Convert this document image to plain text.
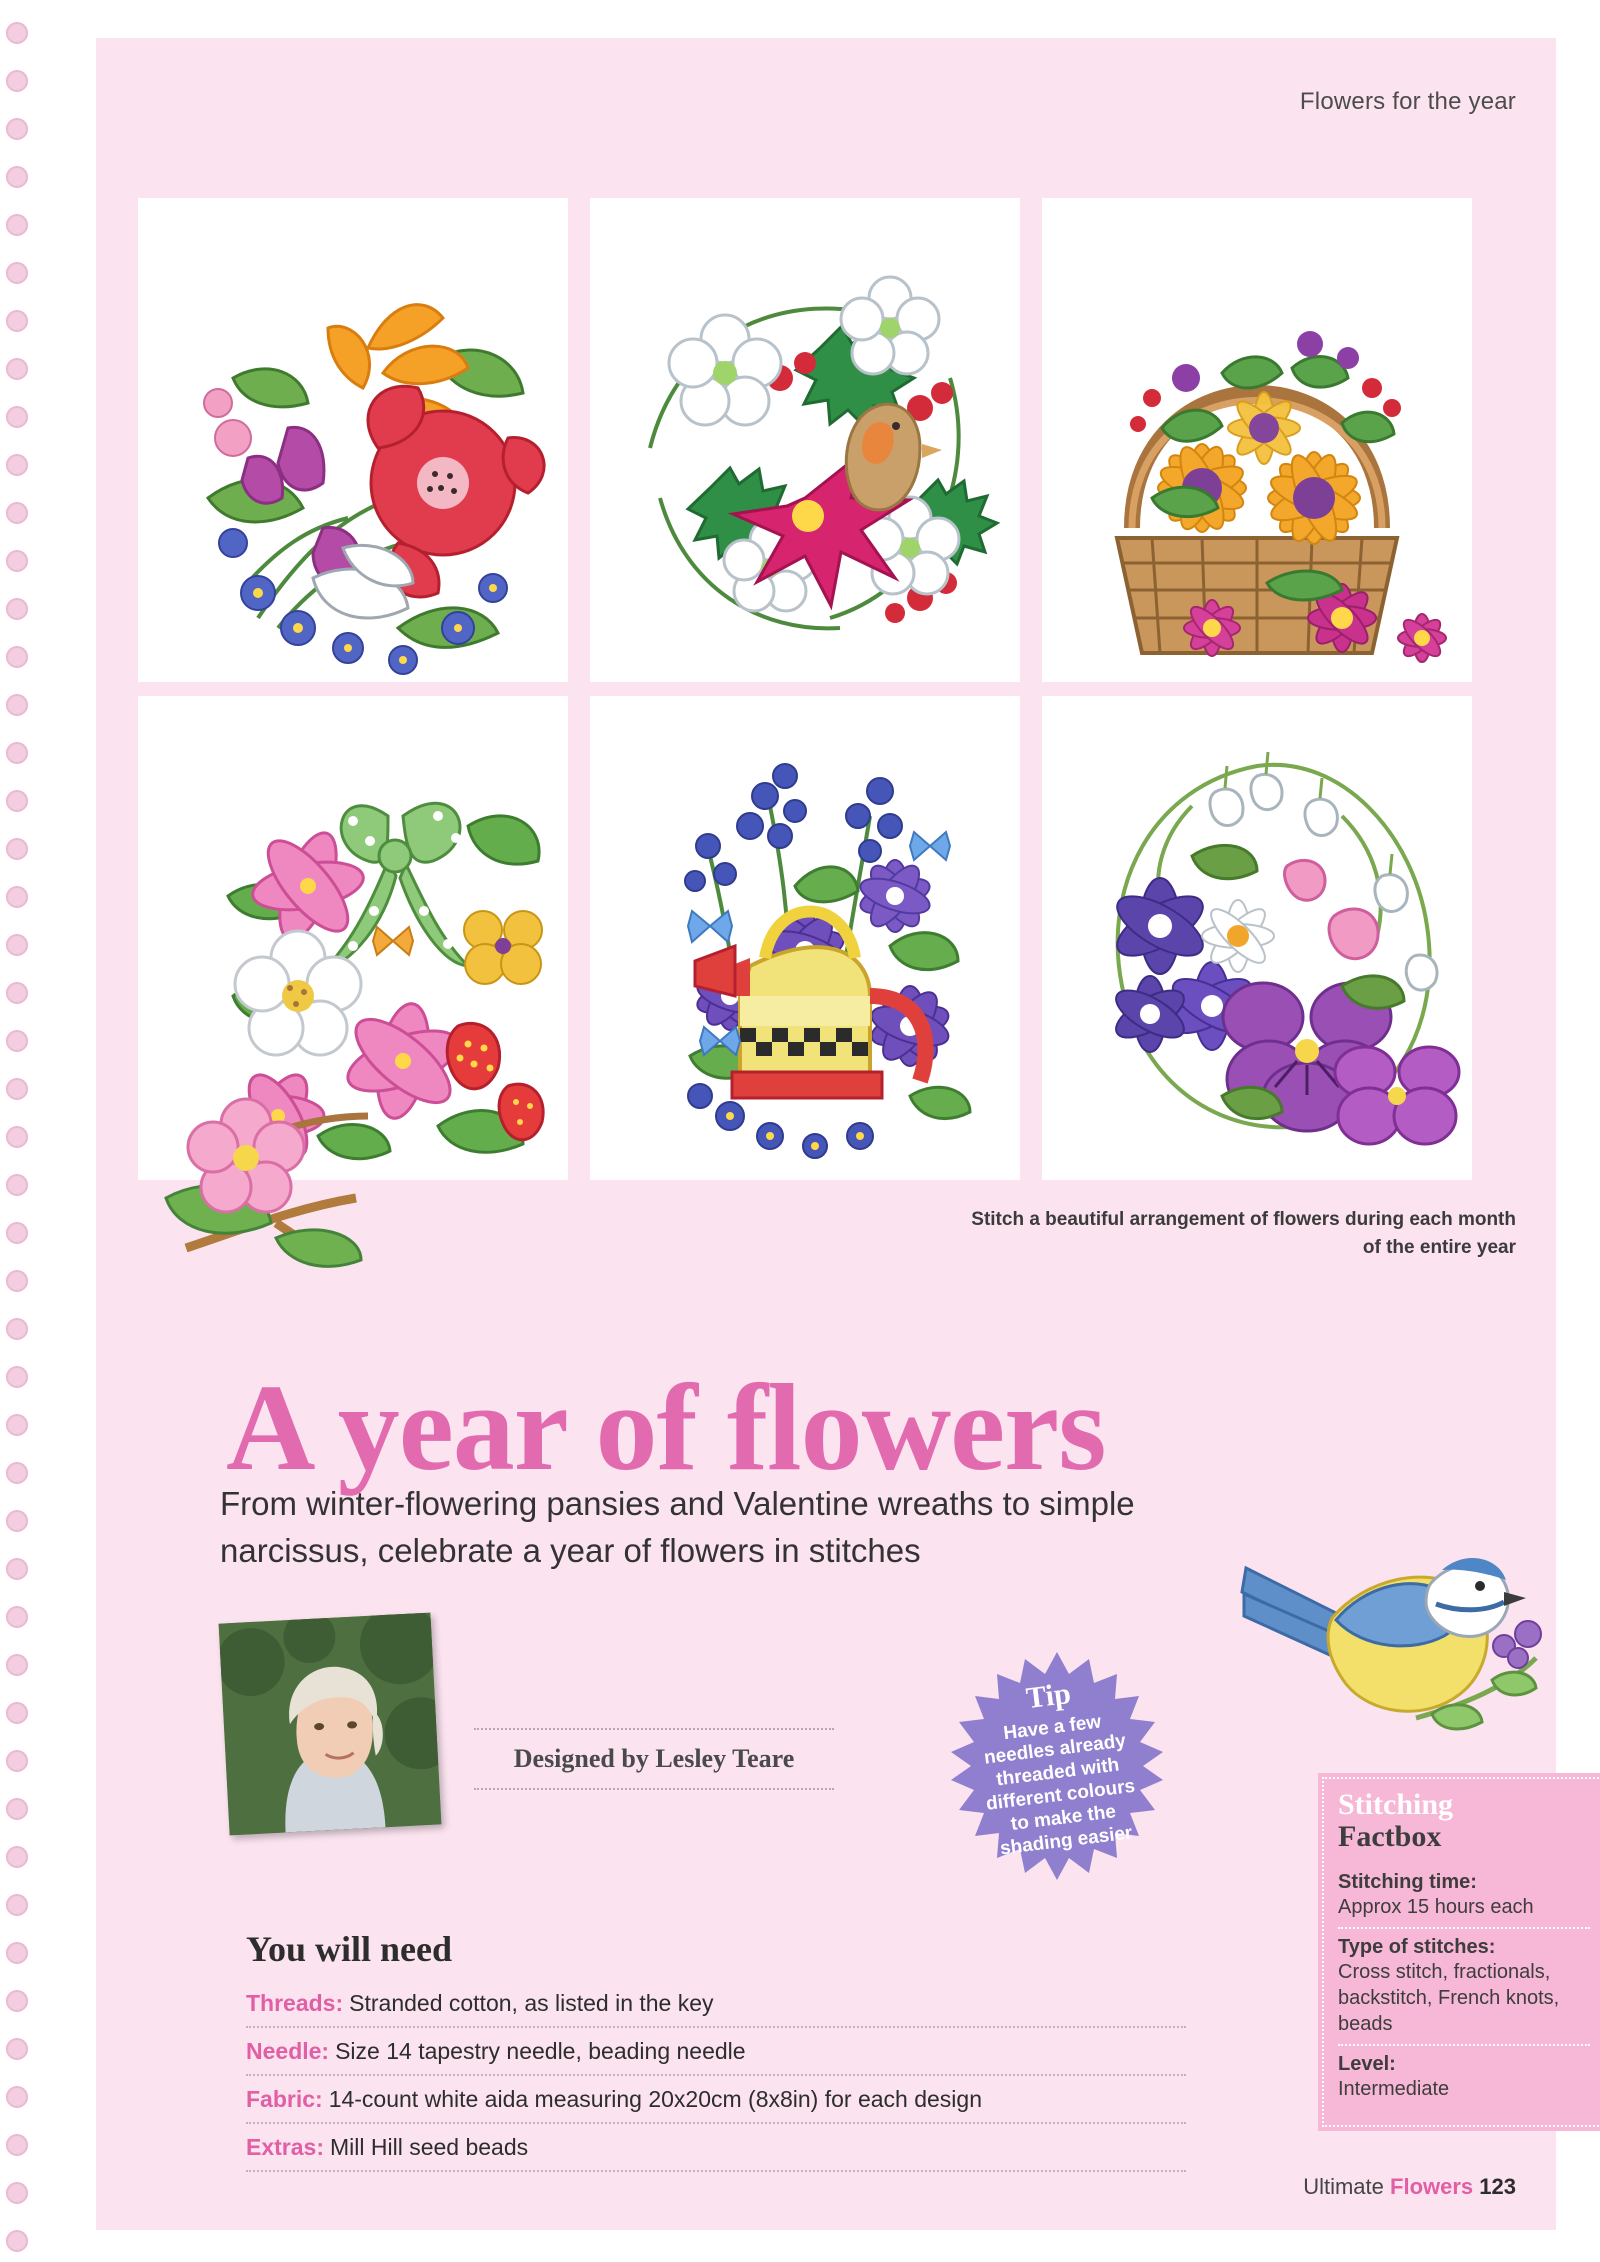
Flowers for the year
Stitch a beautiful arrangement of flowers during each month of the entire year
A year of flowers

From winter-flowering pansies and Valentine wreaths to simple narcissus, celebrate a year of flowers in stitches

Designed by Lesley Teare
Tip
Have a few needles already threaded with different colours to make the shading easier
Stitching
Factbox
Stitching time:
Approx 15 hours each
Type of stitches:
Cross stitch, fractionals, backstitch, French knots, beads
Level:
Intermediate
You will need
Threads: Stranded cotton, as listed in the key
Needle: Size 14 tapestry needle, beading needle
Fabric: 14-count white aida measuring 20x20cm (8x8in) for each design
Extras: Mill Hill seed beads
Ultimate Flowers 123
